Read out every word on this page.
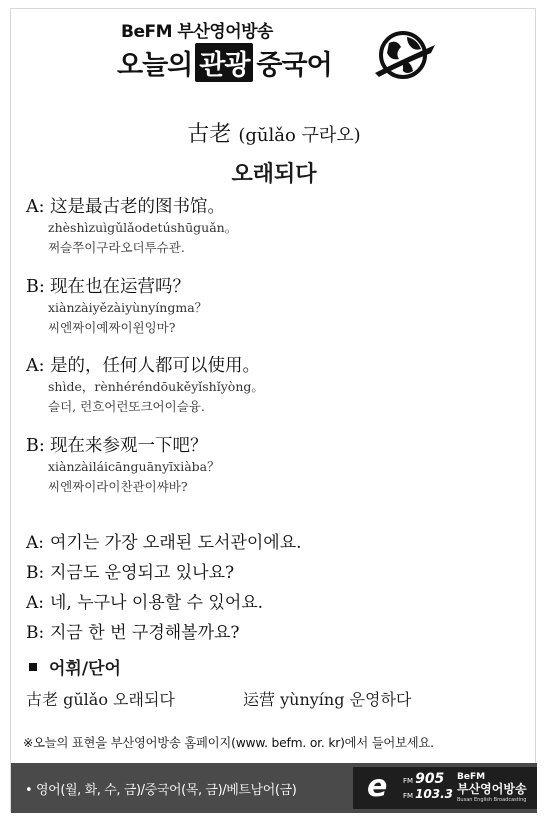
BeFM 부산영어방송
오늘의 관광 중국어
古老 (gŭlǎo 구라오)
오래되다
A: 这是最古老的图书馆。
zhèshìzuìgǔlǎodetúshūguǎn。
쩌슬쭈이구라오더투슈관.
B: 现在也在运营吗？
xiànzàiyězàiyùnyíngma？
씨엔짜이예짜이윈잉마?
A: 是的，任何人都可以使用。
shìde，rènhéréndōukěyǐshǐyòng。
슬더, 런흐어런또크어이슬융.
B: 现在来参观一下吧？
xiànzàiláicānguānyīxiàba？
씨엔짜이라이찬관이쌰바?
A: 여기는 가장 오래된 도서관이에요.
B: 지금도 운영되고 있나요?
A: 네, 누구나 이용할 수 있어요.
B: 지금 한 번 구경해볼까요?
어휘/단어
古老 gŭlǎo 오래되다	运营 yùnyíng 운영하다
※오늘의 표현을 부산영어방송 홈페이지(www. befm. or. kr)에서 들어보세요.
• 영어(월, 화, 수, 금)/중국어(목, 금)/베트남어(금) e FM 905
FM 103.3
BeFM
부산영어방송
Busan English Broadcasting
